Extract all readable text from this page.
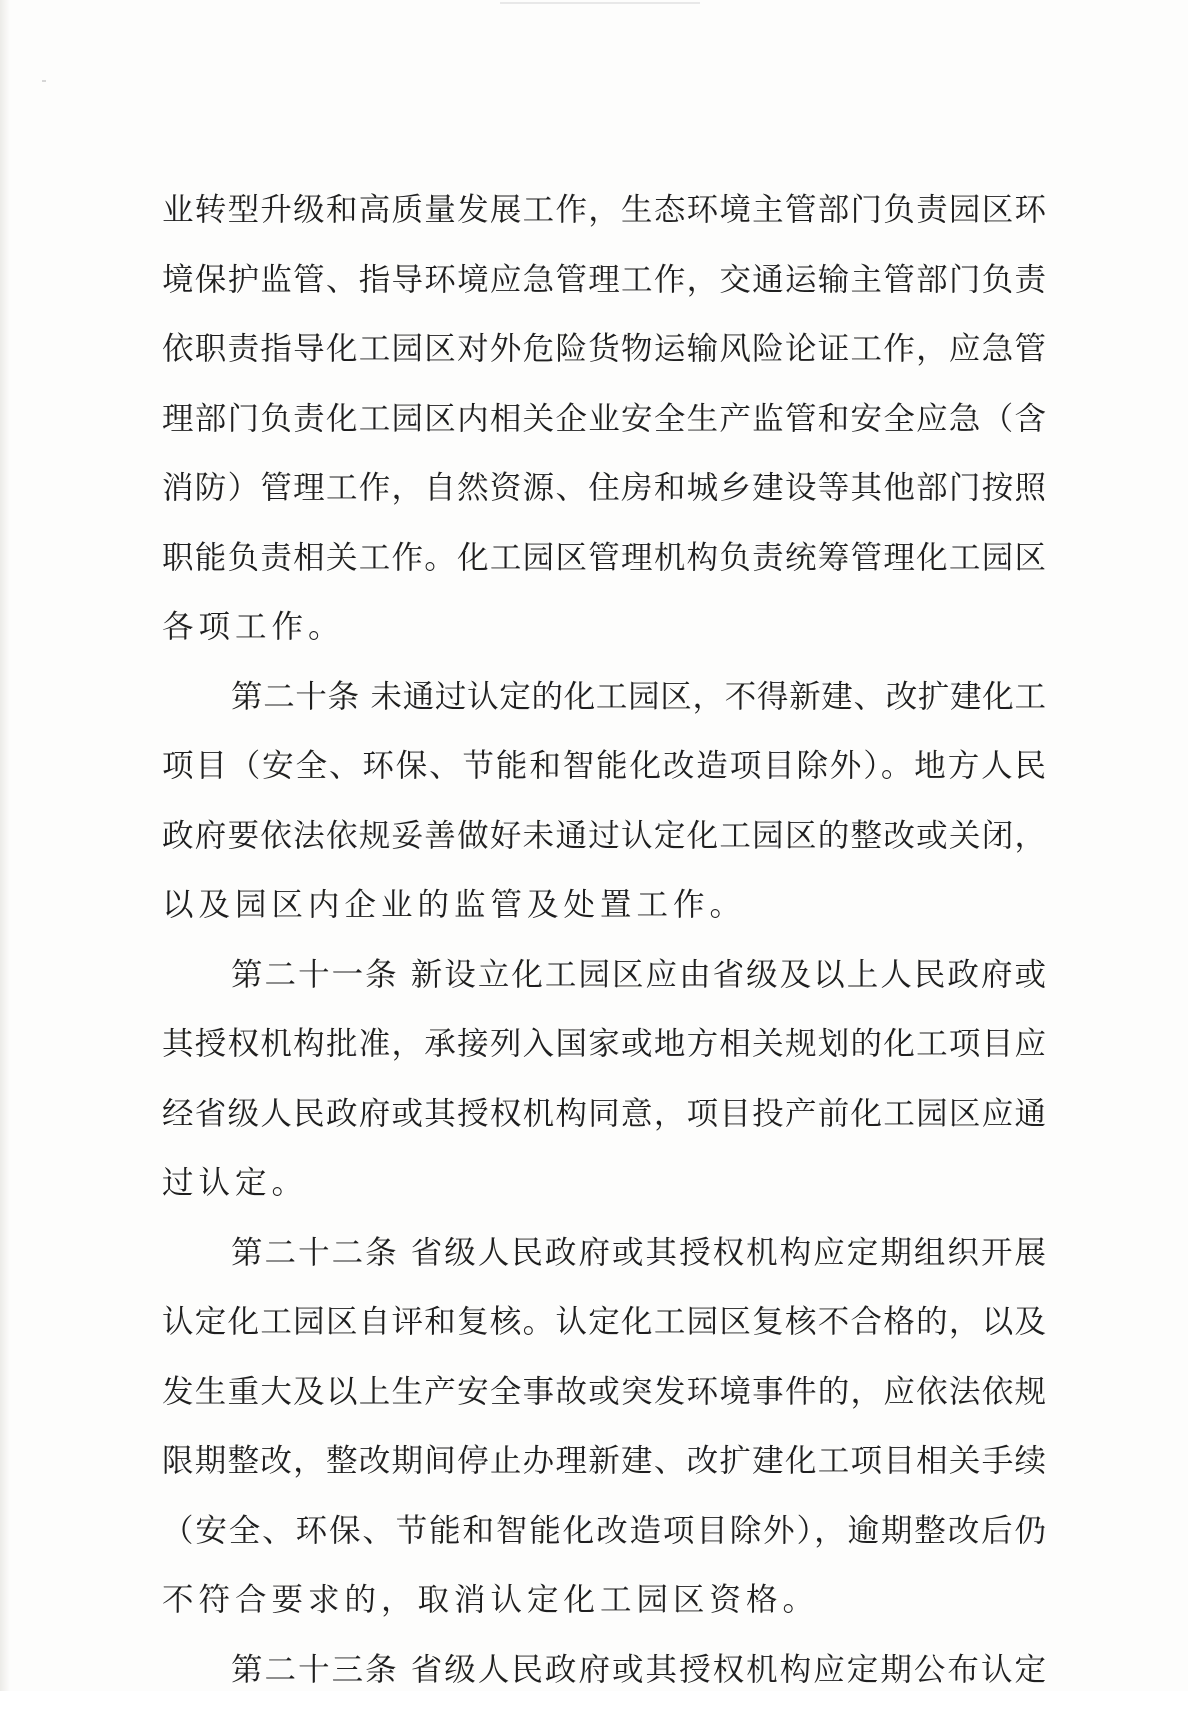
业转型升级和高质量发展工作，生态环境主管部门负责园区环
境保护监管、指导环境应急管理工作，交通运输主管部门负责
依职责指导化工园区对外危险货物运输风险论证工作，应急管
理部门负责化工园区内相关企业安全生产监管和安全应急（含
消防）管理工作，自然资源、住房和城乡建设等其他部门按照
职能负责相关工作。化工园区管理机构负责统筹管理化工园区
各项工作。
第二十条 未通过认定的化工园区，不得新建、改扩建化工
项目（安全、环保、节能和智能化改造项目除外）。地方人民
政府要依法依规妥善做好未通过认定化工园区的整改或关闭，
以及园区内企业的监管及处置工作。
第二十一条 新设立化工园区应由省级及以上人民政府或
其授权机构批准，承接列入国家或地方相关规划的化工项目应
经省级人民政府或其授权机构同意，项目投产前化工园区应通
过认定。
第二十二条 省级人民政府或其授权机构应定期组织开展
认定化工园区自评和复核。认定化工园区复核不合格的，以及
发生重大及以上生产安全事故或突发环境事件的，应依法依规
限期整改，整改期间停止办理新建、改扩建化工项目相关手续
（安全、环保、节能和智能化改造项目除外），逾期整改后仍
不符合要求的，取消认定化工园区资格。
第二十三条 省级人民政府或其授权机构应定期公布认定
